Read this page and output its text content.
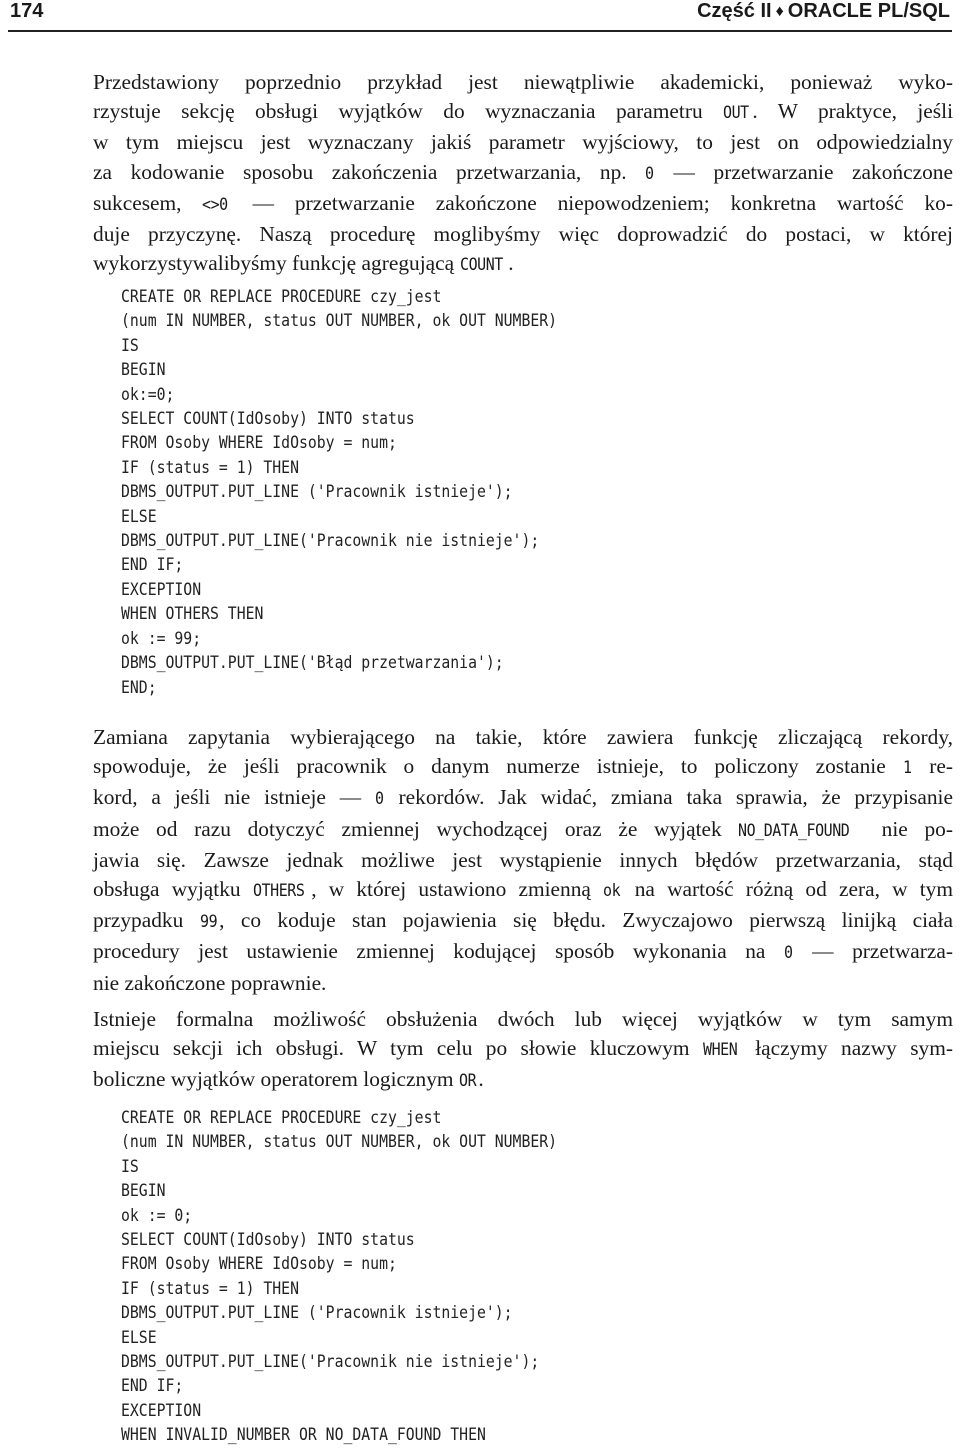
174	Część II ♦ ORACLE PL/SQL
Przedstawiony poprzednio przykład jest niewątpliwie akademicki, ponieważ wyko-
rzystuje sekcję obsługi wyjątków do wyznaczania parametru OUT . W praktyce, jeśli
w tym miejscu jest wyznaczany jakiś parametr wyjściowy, to jest on odpowiedzialny
za kodowanie sposobu zakończenia przetwarzania, np. 0 — przetwarzanie zakończone
sukcesem, <>0 — przetwarzanie zakończone niepowodzeniem; konkretna wartość ko-
duje przyczynę. Naszą procedurę moglibyśmy więc doprowadzić do postaci, w której
wykorzystywalibyśmy funkcję agregującą COUNT .
CREATE OR REPLACE PROCEDURE czy_jest
(num IN NUMBER, status OUT NUMBER, ok OUT NUMBER)
IS
BEGIN
ok:=0;
SELECT COUNT(IdOsoby) INTO status
FROM Osoby WHERE IdOsoby = num;
IF (status = 1) THEN
DBMS_OUTPUT.PUT_LINE ('Pracownik istnieje');
ELSE
DBMS_OUTPUT.PUT_LINE('Pracownik nie istnieje');
END IF;
EXCEPTION
WHEN OTHERS THEN
ok := 99;
DBMS_OUTPUT.PUT_LINE('Błąd przetwarzania');
END;
Zamiana zapytania wybierającego na takie, które zawiera funkcję zliczającą rekordy,
spowoduje, że jeśli pracownik o danym numerze istnieje, to policzony zostanie 1 re-
kord, a jeśli nie istnieje — 0 rekordów. Jak widać, zmiana taka sprawia, że przypisanie
może od razu dotyczyć zmiennej wychodzącej oraz że wyjątek NO_DATA_FOUND nie po-
jawia się. Zawsze jednak możliwe jest wystąpienie innych błędów przetwarzania, stąd
obsługa wyjątku OTHERS , w której ustawiono zmienną ok na wartość różną od zera, w tym
przypadku 99 , co koduje stan pojawienia się błędu. Zwyczajowo pierwszą linijką ciała
procedury jest ustawienie zmiennej kodującej sposób wykonania na 0 — przetwarza-
nie zakończone poprawnie.
Istnieje formalna możliwość obsłużenia dwóch lub więcej wyjątków w tym samym
miejscu sekcji ich obsługi. W tym celu po słowie kluczowym WHEN łączymy nazwy sym-
boliczne wyjątków operatorem logicznym OR .
CREATE OR REPLACE PROCEDURE czy_jest
(num IN NUMBER, status OUT NUMBER, ok OUT NUMBER)
IS
BEGIN
ok := 0;
SELECT COUNT(IdOsoby) INTO status
FROM Osoby WHERE IdOsoby = num;
IF (status = 1) THEN
DBMS_OUTPUT.PUT_LINE ('Pracownik istnieje');
ELSE
DBMS_OUTPUT.PUT_LINE('Pracownik nie istnieje');
END IF;
EXCEPTION
WHEN INVALID_NUMBER OR NO_DATA_FOUND THEN
